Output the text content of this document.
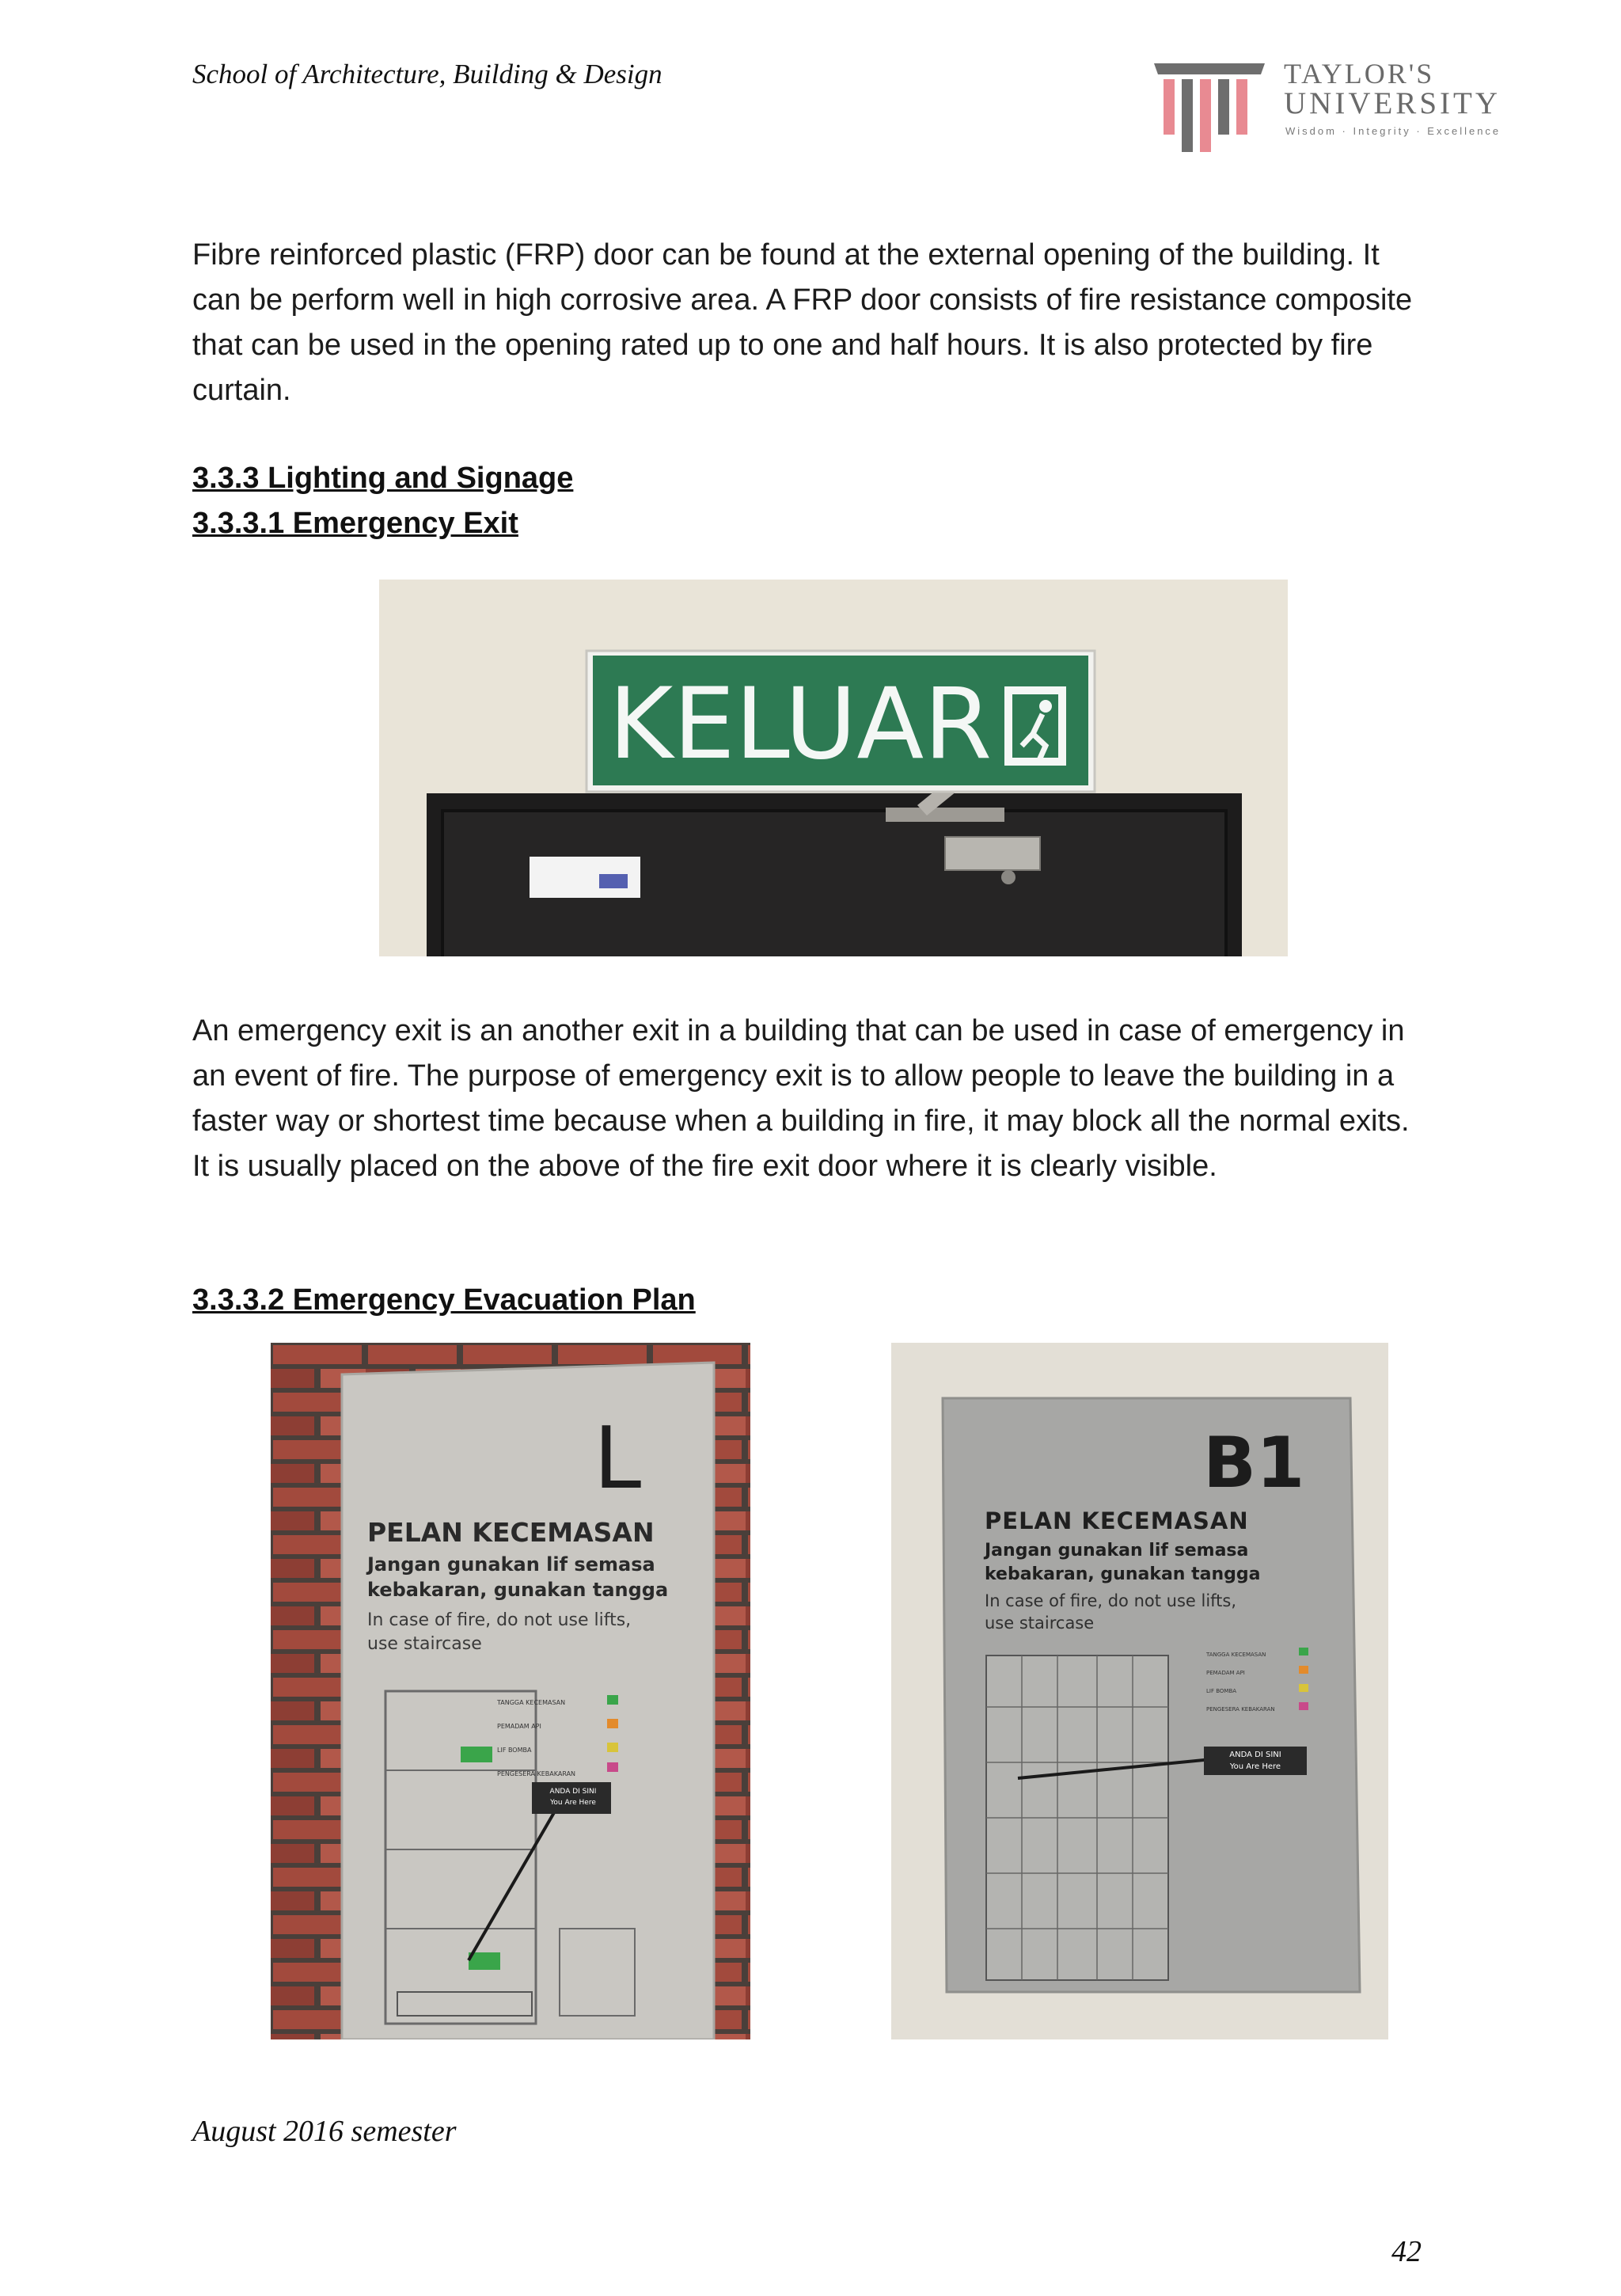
School of Architecture, Building & Design	TAYLOR'S
UNIVERSITY
Wisdom · Integrity · Excellence
Fibre reinforced plastic (FRP) door can be found at the external opening of the building. It can be perform well in high corrosive area. A FRP door consists of fire resistance composite that can be used in the opening rated up to one and half hours. It is also protected by fire curtain.
3.3.3 Lighting and Signage
3.3.3.1 Emergency Exit
KELUAR
An emergency exit is an another exit in a building that can be used in case of emergency in an event of fire. The purpose of emergency exit is to allow people to leave the building in a faster way or shortest time because when a building in fire, it may block all the normal exits. It is usually placed on the above of the fire exit door where it is clearly visible.
3.3.3.2 Emergency Evacuation Plan
L
PELAN KECEMASAN
Jangan gunakan lif semasa
kebakaran, gunakan tangga
In case of fire, do not use lifts,
use staircase
TANGGA KECEMASAN
PEMADAM API
LIF BOMBA
PENGESERA KEBAKARAN
ANDA DI SINI
You Are Here
B1
PELAN KECEMASAN
Jangan gunakan lif semasa
kebakaran, gunakan tangga
In case of fire, do not use lifts,
use staircase
TANGGA KECEMASAN
PEMADAM API
LIF BOMBA
PENGESERA KEBAKARAN
ANDA DI SINI
You Are Here
August 2016 semester
42
